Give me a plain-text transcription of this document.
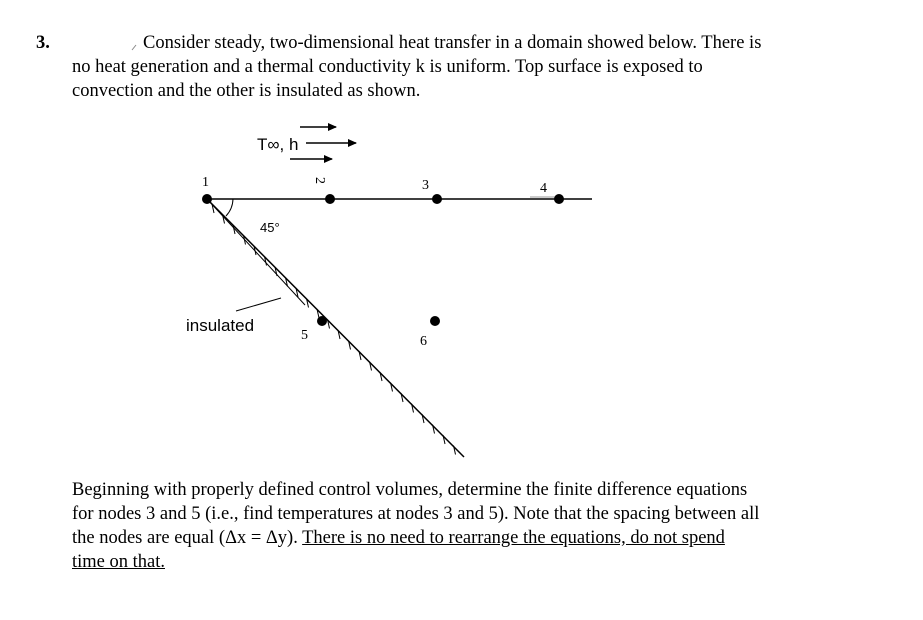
3.	Consider steady, two-dimensional heat transfer in a domain showed below. There is
no heat generation and a thermal conductivity k is uniform. Top surface is exposed to
convection and the other is insulated as shown.
T∞, h
45°
insulated
1	2	3	4
5	6
Beginning with properly defined control volumes, determine the finite difference equations
for nodes 3 and 5 (i.e., find temperatures at nodes 3 and 5). Note that the spacing between all
the nodes are equal (Δx = Δy). There is no need to rearrange the equations, do not spend
time on that.
